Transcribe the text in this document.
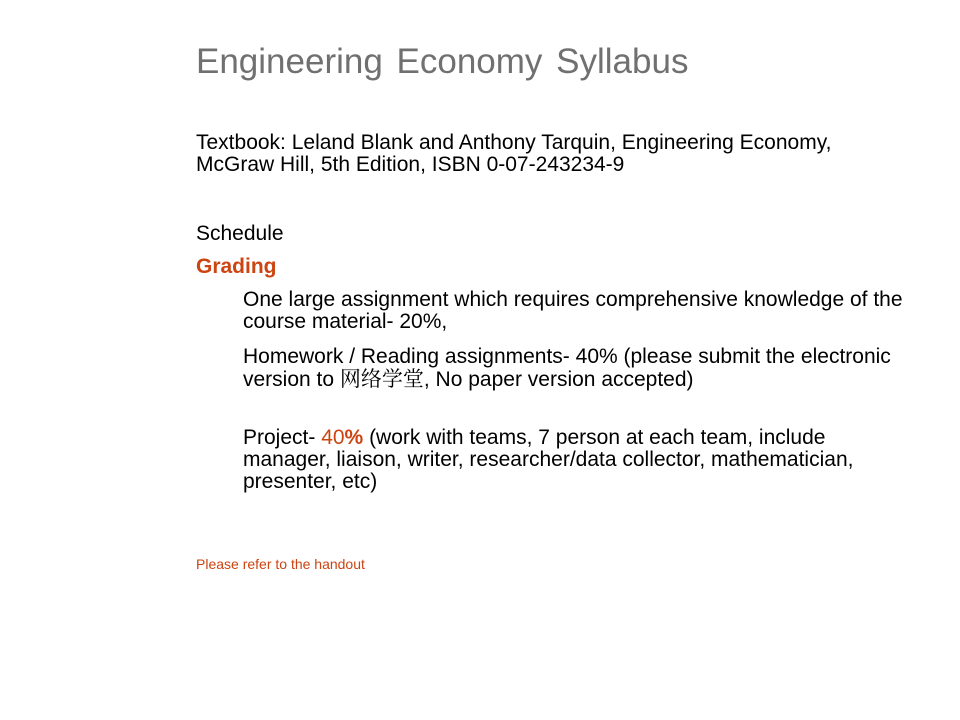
Engineering Economy Syllabus
Textbook: Leland Blank and Anthony Tarquin, Engineering Economy, McGraw Hill, 5th Edition, ISBN 0-07-243234-9
Schedule
Grading
One large assignment which requires comprehensive knowledge of the course material- 20%,
Homework / Reading assignments- 40% (please submit the electronic version to 网络学堂, No paper version accepted)
Project- 40% (work with teams, 7 person at each team, include manager, liaison, writer, researcher/data collector, mathematician, presenter, etc)
Please refer to the handout
